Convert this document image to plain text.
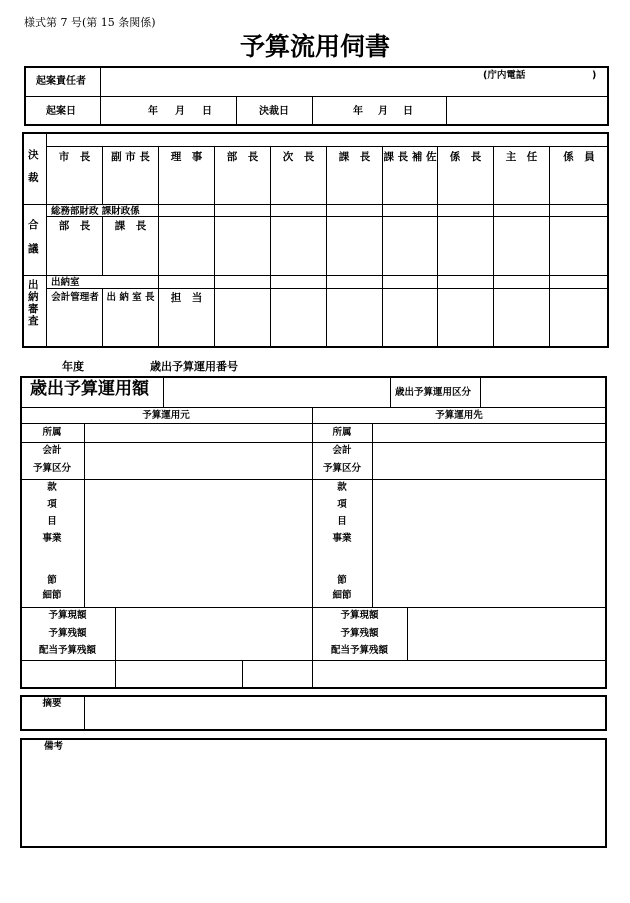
様式第 7 号(第 15 条関係)
予算流用伺書
起案責任者
(庁内電話	)
起案日	年 月 日	決裁日	年 月 日
決
裁
合
議
出
納
審
査
市　長	副 市 長	理　事	部　長	次　長	課　長	課 長 補 佐	係　長	主　任	係　員
総務部財政 課財政係
部　長	課　長
出納室
会計管理者 出 納 室 長	担　当
年度	歳出予算運用番号
歳出予算運用額	歳出予算運用区分
予算運用元	予算運用先
所属
会計
予算区分
款
項
目
事業
節
細節
予算現額
予算残額
配当予算残額
所属
会計
予算区分
款
項
目
事業
節
細節
予算現額
予算残額
配当予算残額
摘要
備考
